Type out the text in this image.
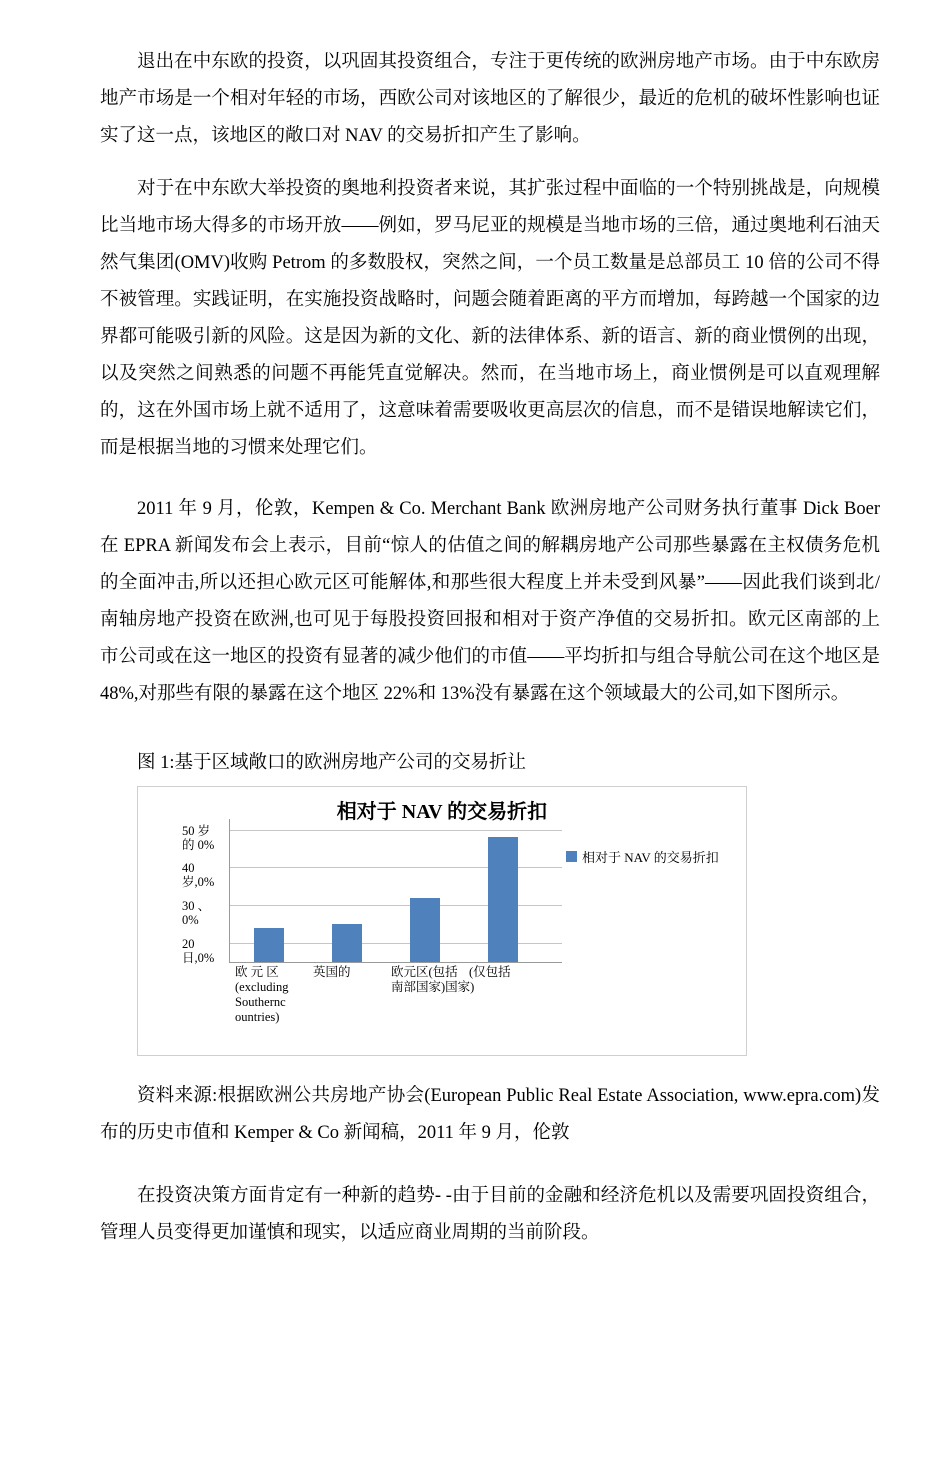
退出在中东欧的投资，以巩固其投资组合，专注于更传统的欧洲房地产市场。由于中东欧房地产市场是一个相对年轻的市场，西欧公司对该地区的了解很少，最近的危机的破坏性影响也证实了这一点，该地区的敞口对 NAV 的交易折扣产生了影响。

对于在中东欧大举投资的奥地利投资者来说，其扩张过程中面临的一个特别挑战是，向规模比当地市场大得多的市场开放——例如，罗马尼亚的规模是当地市场的三倍，通过奥地利石油天然气集团(OMV)收购 Petrom 的多数股权，突然之间，一个员工数量是总部员工 10 倍的公司不得不被管理。实践证明，在实施投资战略时，问题会随着距离的平方而增加，每跨越一个国家的边界都可能吸引新的风险。这是因为新的文化、新的法律体系、新的语言、新的商业惯例的出现，以及突然之间熟悉的问题不再能凭直觉解决。然而，在当地市场上，商业惯例是可以直观理解的，这在外国市场上就不适用了，这意味着需要吸收更高层次的信息，而不是错误地解读它们，而是根据当地的习惯来处理它们。

2011 年 9 月，伦敦，Kempen & Co. Merchant Bank 欧洲房地产公司财务执行董事 Dick Boer 在 EPRA 新闻发布会上表示，目前“惊人的估值之间的解耦房地产公司那些暴露在主权债务危机的全面冲击,所以还担心欧元区可能解体,和那些很大程度上并未受到风暴”——因此我们谈到北/南轴房地产投资在欧洲,也可见于每股投资回报和相对于资产净值的交易折扣。欧元区南部的上市公司或在这一地区的投资有显著的减少他们的市值——平均折扣与组合导航公司在这个地区是 48%,对那些有限的暴露在这个地区 22%和 13%没有暴露在这个领域最大的公司,如下图所示。

图 1:基于区域敞口的欧洲房地产公司的交易折让

相对于 NAV 的交易折扣
50 岁
的 0%
40
岁,0%
30 、
0%
20
日,0%
欧 元 区
(excluding
Southernc
ountries)
英国的	欧元区(包括
南部国家)国家)
(仅包括
相对于 NAV 的交易折扣

资料来源:根据欧洲公共房地产协会(European Public Real Estate Association, www.epra.com)发布的历史市值和 Kemper & Co 新闻稿，2011 年 9 月，伦敦

在投资决策方面肯定有一种新的趋势- -由于目前的金融和经济危机以及需要巩固投资组合，管理人员变得更加谨慎和现实，以适应商业周期的当前阶段。
